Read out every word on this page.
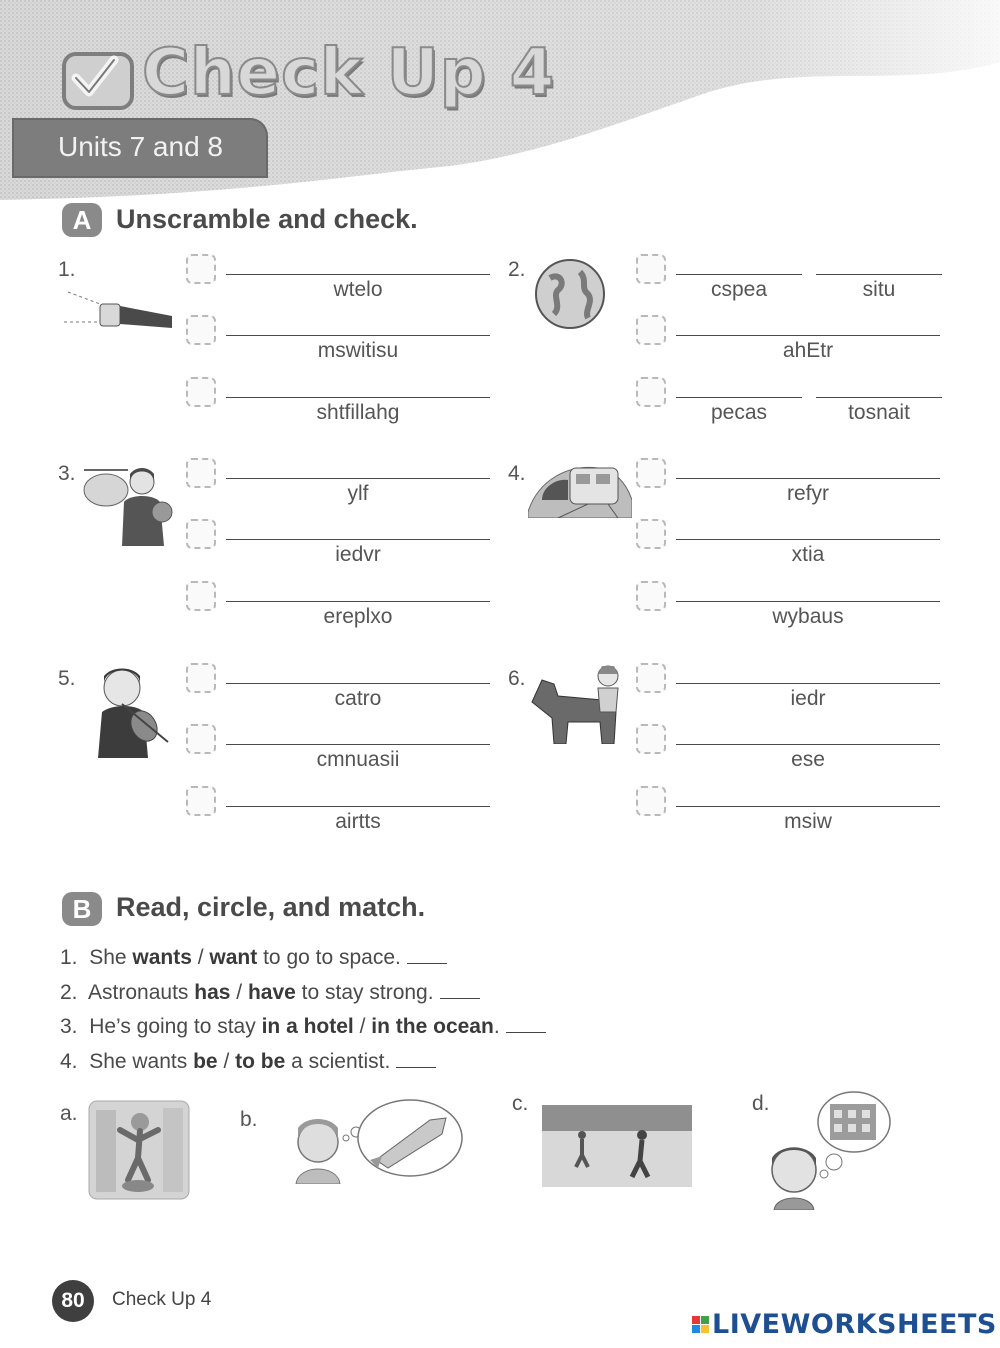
Check Up 4
Units 7 and 8
A Unscramble and check.
1.
wtelo
mswitisu
shtfillahg
2.
cspea	situ
ahEtr
pecas	tosnait
3.
ylf
iedvr
ereplxo
4.
refyr
xtia
wybaus
5.
catro
cmnuasii
airtts
6.
iedr
ese
msiw
B Read, circle, and match.
1. She wants / want to go to space.
2. Astronauts has / have to stay strong.
3. He’s going to stay in a hotel / in the ocean.
4. She wants be / to be a scientist.
a.	b.
c.	d.
80	Check Up 4
LIVEWORKSHEETS
